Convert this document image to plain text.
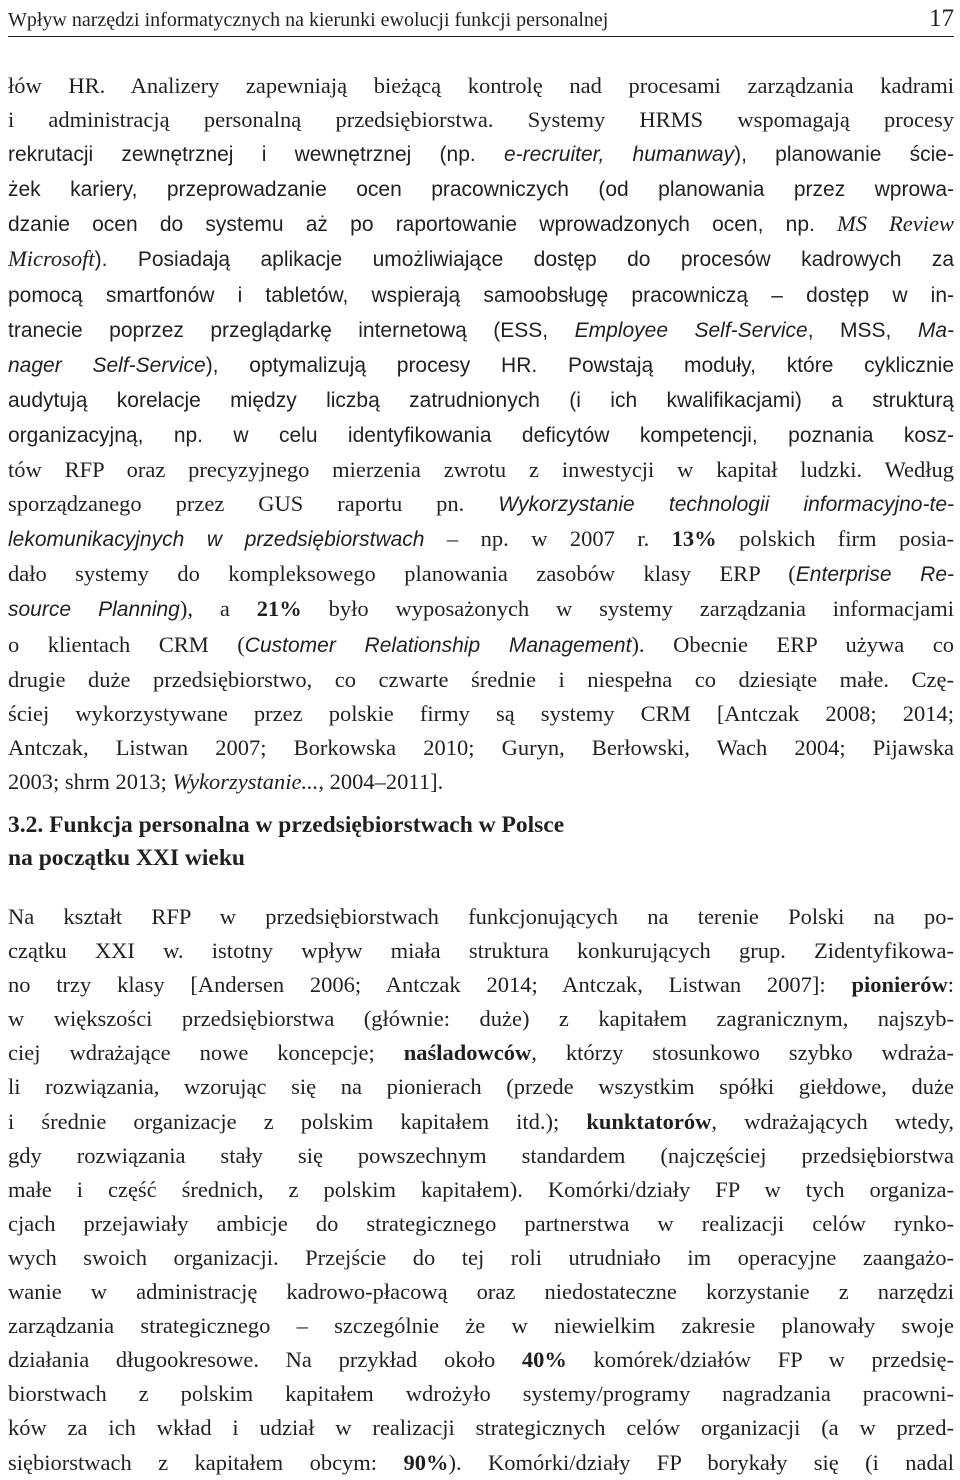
Wpływ narzędzi informatycznych na kierunki ewolucji funkcji personalnej	17
łów HR. Analizery zapewniają bieżącą kontrolę nad procesami zarządzania kadrami
i administracją personalną przedsiębiorstwa. Systemy HRMS wspomagają procesy
rekrutacji zewnętrznej i wewnętrznej (np. e-recruiter, humanway), planowanie ście-
żek kariery, przeprowadzanie ocen pracowniczych (od planowania przez wprowa-
dzanie ocen do systemu aż po raportowanie wprowadzonych ocen, np. MS Review
Microsoft). Posiadają aplikacje umożliwiające dostęp do procesów kadrowych za
pomocą smartfonów i tabletów, wspierają samoobsługę pracowniczą – dostęp w in-
tranecie poprzez przeglądarkę internetową (ESS, Employee Self-Service, MSS, Ma-
nager Self-Service), optymalizują procesy HR. Powstają moduły, które cyklicznie
audytują korelacje między liczbą zatrudnionych (i ich kwalifikacjami) a strukturą
organizacyjną, np. w celu identyfikowania deficytów kompetencji, poznania kosz-
tów RFP oraz precyzyjnego mierzenia zwrotu z inwestycji w kapitał ludzki. Według
sporządzanego przez GUS raportu pn. Wykorzystanie technologii informacyjno-te-
lekomunikacyjnych w przedsiębiorstwach – np. w 2007 r. 13% polskich firm posia-
dało systemy do kompleksowego planowania zasobów klasy ERP (Enterprise Re-
source Planning), a 21% było wyposażonych w systemy zarządzania informacjami
o klientach CRM (Customer Relationship Management). Obecnie ERP używa co
drugie duże przedsiębiorstwo, co czwarte średnie i niespełna co dziesiąte małe. Czę-
ściej wykorzystywane przez polskie firmy są systemy CRM [Antczak 2008; 2014;
Antczak, Listwan 2007; Borkowska 2010; Guryn, Berłowski, Wach 2004; Pijawska
2003; shrm 2013; Wykorzystanie..., 2004–2011].
3.2. Funkcja personalna w przedsiębiorstwach w Polsce
na początku XXI wieku
Na kształt RFP w przedsiębiorstwach funkcjonujących na terenie Polski na po-
czątku XXI w. istotny wpływ miała struktura konkurujących grup. Zidentyfikowa-
no trzy klasy [Andersen 2006; Antczak 2014; Antczak, Listwan 2007]: pionierów:
w większości przedsiębiorstwa (głównie: duże) z kapitałem zagranicznym, najszyb-
ciej wdrażające nowe koncepcje; naśladowców, którzy stosunkowo szybko wdraża-
li rozwiązania, wzorując się na pionierach (przede wszystkim spółki giełdowe, duże
i średnie organizacje z polskim kapitałem itd.); kunktatorów, wdrażających wtedy,
gdy rozwiązania stały się powszechnym standardem (najczęściej przedsiębiorstwa
małe i część średnich, z polskim kapitałem). Komórki/działy FP w tych organiza-
cjach przejawiały ambicje do strategicznego partnerstwa w realizacji celów rynko-
wych swoich organizacji. Przejście do tej roli utrudniało im operacyjne zaangażo-
wanie w administrację kadrowo-płacową oraz niedostateczne korzystanie z narzędzi
zarządzania strategicznego – szczególnie że w niewielkim zakresie planowały swoje
działania długookresowe. Na przykład około 40% komórek/działów FP w przedsię-
biorstwach z polskim kapitałem wdrożyło systemy/programy nagradzania pracowni-
ków za ich wkład i udział w realizacji strategicznych celów organizacji (a w przed-
siębiorstwach z kapitałem obcym: 90%). Komórki/działy FP borykały się (i nadal
